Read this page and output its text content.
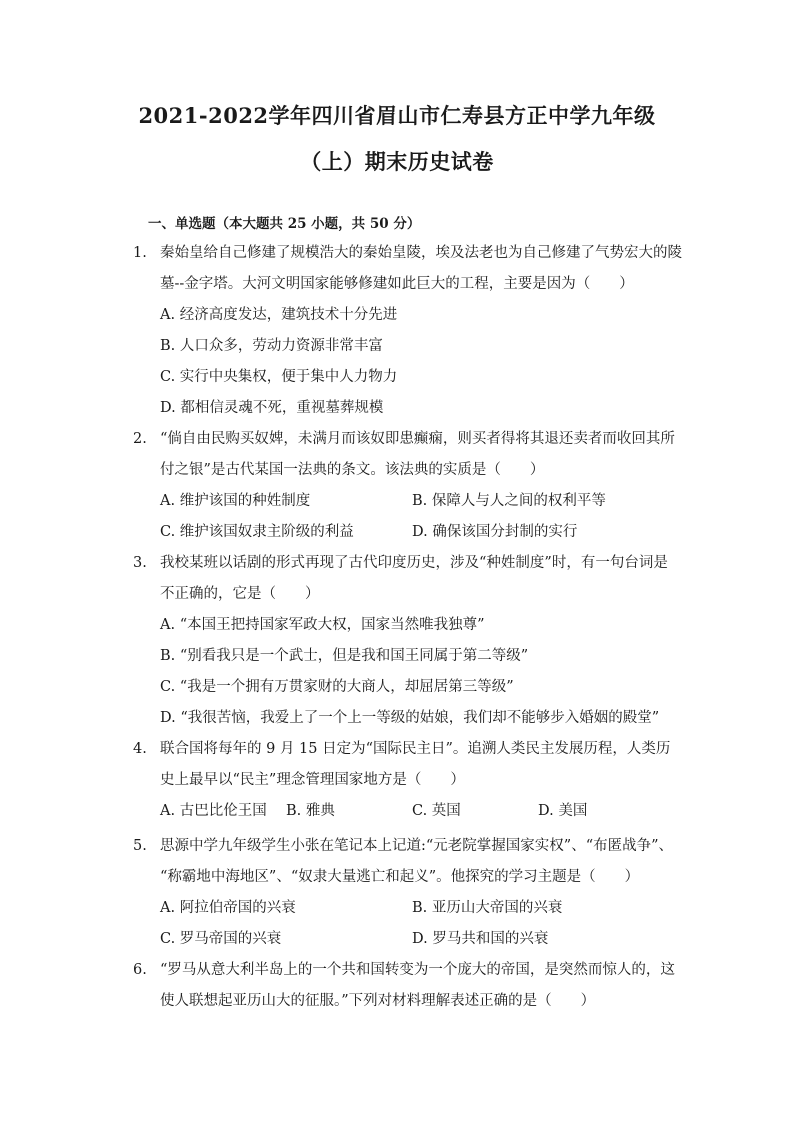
2021-2022学年四川省眉山市仁寿县方正中学九年级
（上）期末历史试卷
一、单选题（本大题共 25 小题，共 50 分）
1. 秦始皇给自己修建了规模浩大的秦始皇陵，埃及法老也为自己修建了气势宏大的陵
墓--金字塔。大河文明国家能够修建如此巨大的工程，主要是因为（　　）
A. 经济高度发达，建筑技术十分先进
B. 人口众多，劳动力资源非常丰富
C. 实行中央集权，便于集中人力物力
D. 都相信灵魂不死，重视墓葬规模
2. “倘自由民购买奴婢，未满月而该奴即患癫痫，则买者得将其退还卖者而收回其所
付之银”是古代某国一法典的条文。该法典的实质是（　　）
A. 维护该国的种姓制度	B. 保障人与人之间的权利平等
C. 维护该国奴隶主阶级的利益	D. 确保该国分封制的实行
3. 我校某班以话剧的形式再现了古代印度历史，涉及“种姓制度”时，有一句台词是
不正确的，它是（　　）
A. “本国王把持国家军政大权，国家当然唯我独尊”
B. “别看我只是一个武士，但是我和国王同属于第二等级”
C. “我是一个拥有万贯家财的大商人，却屈居第三等级”
D. “我很苦恼，我爱上了一个上一等级的姑娘，我们却不能够步入婚姻的殿堂”
4. 联合国将每年的 9 月 15 日定为“国际民主日”。追溯人类民主发展历程，人类历
史上最早以“民主”理念管理国家地方是（　　）
A. 古巴比伦王国 B. 雅典	C. 英国	D. 美国
5. 思源中学九年级学生小张在笔记本上记道:“元老院掌握国家实权”、“布匿战争”、
“称霸地中海地区”、“奴隶大量逃亡和起义”。他探究的学习主题是（　　）
A. 阿拉伯帝国的兴衰	B. 亚历山大帝国的兴衰
C. 罗马帝国的兴衰	D. 罗马共和国的兴衰
6. “罗马从意大利半岛上的一个共和国转变为一个庞大的帝国，是突然而惊人的，这
使人联想起亚历山大的征服。”下列对材料理解表述正确的是（　　）
